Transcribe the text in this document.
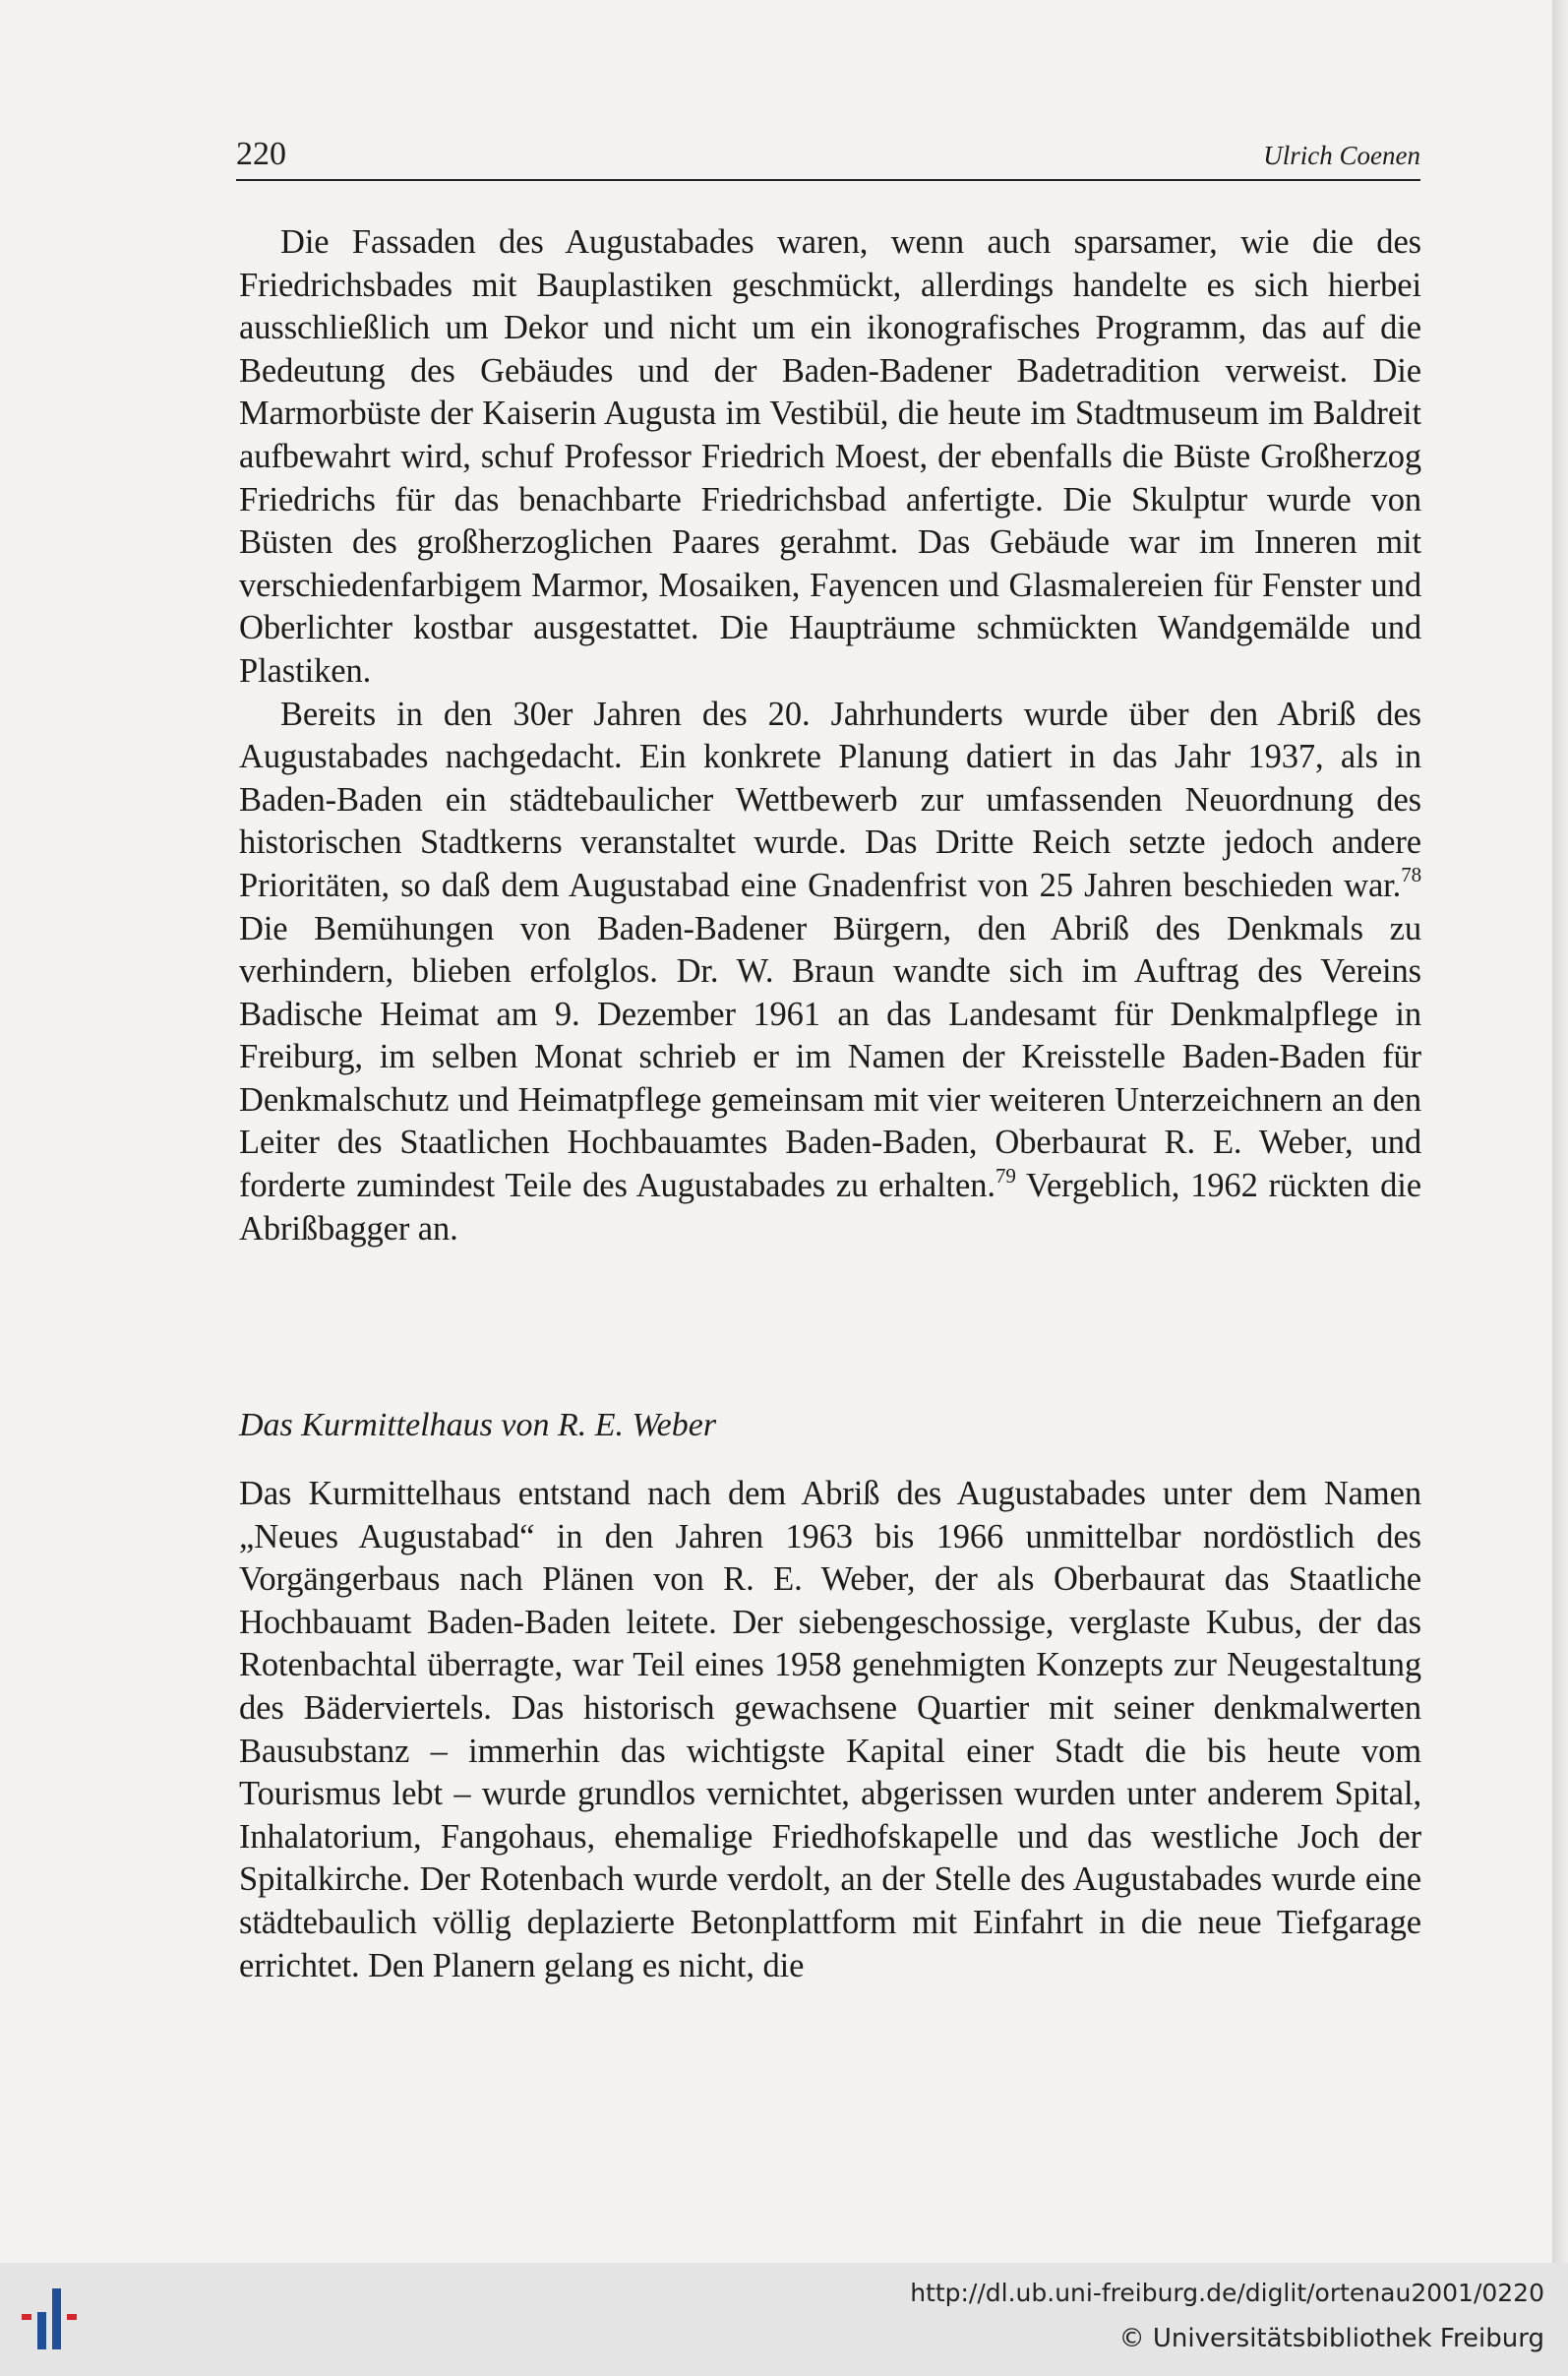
220	Ulrich Coenen

Die Fassaden des Augustabades waren, wenn auch sparsamer, wie die des Friedrichsbades mit Bauplastiken geschmückt, allerdings handelte es sich hierbei ausschließlich um Dekor und nicht um ein ikonografisches Programm, das auf die Bedeutung des Gebäudes und der Baden-Badener Badetradition verweist. Die Marmorbüste der Kaiserin Augusta im Vestibül, die heute im Stadtmuseum im Baldreit aufbewahrt wird, schuf Professor Friedrich Moest, der ebenfalls die Büste Großherzog Friedrichs für das benachbarte Friedrichsbad anfertigte. Die Skulptur wurde von Büsten des großherzoglichen Paares gerahmt. Das Gebäude war im Inneren mit verschiedenfarbigem Marmor, Mosaiken, Fayencen und Glasmalereien für Fenster und Oberlichter kostbar ausgestattet. Die Haupträume schmückten Wandgemälde und Plastiken.

Bereits in den 30er Jahren des 20. Jahrhunderts wurde über den Abriß des Augustabades nachgedacht. Ein konkrete Planung datiert in das Jahr 1937, als in Baden-Baden ein städtebaulicher Wettbewerb zur umfassenden Neuordnung des historischen Stadtkerns veranstaltet wurde. Das Dritte Reich setzte jedoch andere Prioritäten, so daß dem Augustabad eine Gnadenfrist von 25 Jahren beschieden war.$^{78}$ Die Bemühungen von Baden-Badener Bürgern, den Abriß des Denkmals zu verhindern, blieben erfolglos. Dr. W. Braun wandte sich im Auftrag des Vereins Badische Heimat am 9. Dezember 1961 an das Landesamt für Denkmalpflege in Freiburg, im selben Monat schrieb er im Namen der Kreisstelle Baden-Baden für Denkmalschutz und Heimatpflege gemeinsam mit vier weiteren Unterzeichnern an den Leiter des Staatlichen Hochbauamtes Baden-Baden, Oberbaurat R. E. Weber, und forderte zumindest Teile des Augustabades zu erhalten.$^{79}$ Vergeblich, 1962 rückten die Abrißbagger an.

Das Kurmittelhaus von R. E. Weber

Das Kurmittelhaus entstand nach dem Abriß des Augustabades unter dem Namen „Neues Augustabad“ in den Jahren 1963 bis 1966 unmittelbar nordöstlich des Vorgängerbaus nach Plänen von R. E. Weber, der als Oberbaurat das Staatliche Hochbauamt Baden-Baden leitete. Der siebengeschossige, verglaste Kubus, der das Rotenbachtal überragte, war Teil eines 1958 genehmigten Konzepts zur Neugestaltung des Bäderviertels. Das historisch gewachsene Quartier mit seiner denkmalwerten Bausubstanz – immerhin das wichtigste Kapital einer Stadt die bis heute vom Tourismus lebt – wurde grundlos vernichtet, abgerissen wurden unter anderem Spital, Inhalatorium, Fangohaus, ehemalige Friedhofskapelle und das westliche Joch der Spitalkirche. Der Rotenbach wurde verdolt, an der Stelle des Augustabades wurde eine städtebaulich völlig deplazierte Betonplattform mit Einfahrt in die neue Tiefgarage errichtet. Den Planern gelang es nicht, die

http://dl.ub.uni-freiburg.de/diglit/ortenau2001/0220
© Universitätsbibliothek Freiburg
